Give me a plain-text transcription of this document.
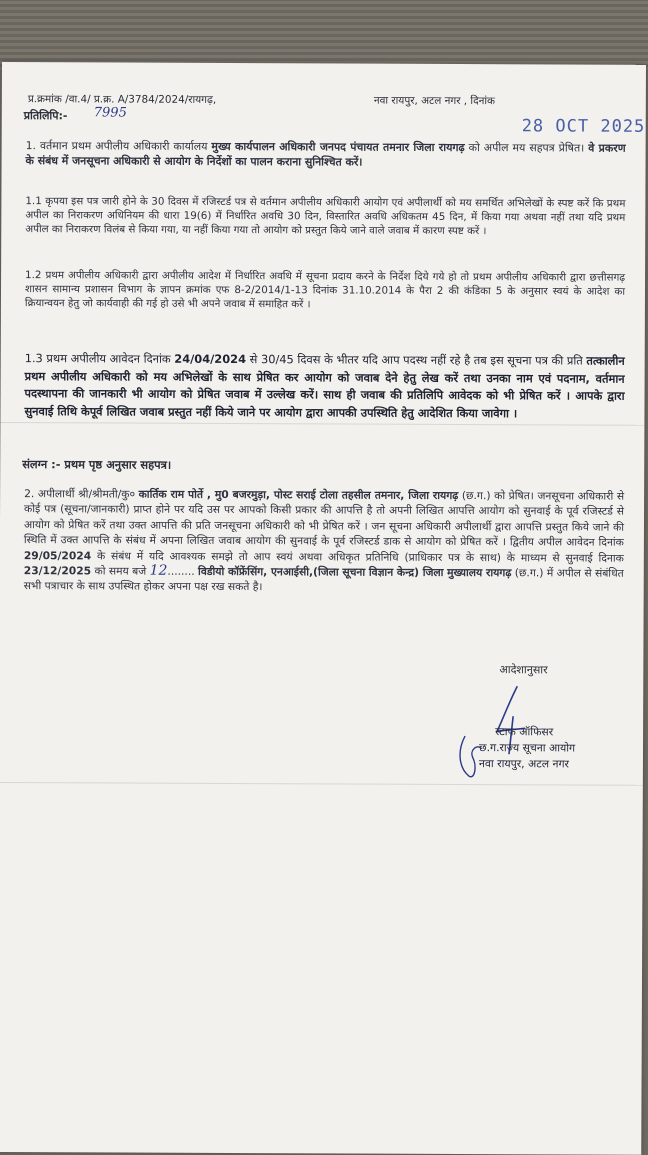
प्र.क्रमांक /वा.4/ प्र.क्र. A/3784/2024/रायगढ़,	नवा रायपुर, अटल नगर , दिनांक
28 OCT 2025
प्रतिलिपि:- 7995
1. वर्तमान प्रथम अपीलीय अधिकारी कार्यालय मुख्य कार्यपालन अधिकारी जनपद पंचायत तमनार जिला रायगढ़ को अपील मय सहपत्र प्रेषित। वे प्रकरण के संबंध में जनसूचना अधिकारी से आयोग के निर्देशों का पालन कराना सुनिश्चित करें।
1.1 कृपया इस पत्र जारी होने के 30 दिवस में रजिस्टर्ड पत्र से वर्तमान अपीलीय अधिकारी आयोग एवं अपीलार्थी को मय समर्थित अभिलेखों के स्पष्ट करें कि प्रथम अपील का निराकरण अधिनियम की धारा 19(6) में निर्धारित अवधि 30 दिन, विस्तारित अवधि अधिकतम 45 दिन, में किया गया अथवा नहीं तथा यदि प्रथम अपील का निराकरण विलंब से किया गया, या नहीं किया गया तो आयोग को प्रस्तुत किये जाने वाले जवाब में कारण स्पष्ट करें ।
1.2 प्रथम अपीलीय अधिकारी द्वारा अपीलीय आदेश में निर्धारित अवधि में सूचना प्रदाय करने के निर्देश दिये गये हो तो प्रथम अपीलीय अधिकारी द्वारा छत्तीसगढ़ शासन सामान्य प्रशासन विभाग के ज्ञापन क्रमांक एफ 8-2/2014/1-13 दिनांक 31.10.2014 के पैरा 2 की कंडिका 5 के अनुसार स्वयं के आदेश का क्रियान्वयन हेतु जो कार्यवाही की गई हो उसे भी अपने जवाब में समाहित करें ।
1.3 प्रथम अपीलीय आवेदन दिनांक 24/04/2024 से 30/45 दिवस के भीतर यदि आप पदस्थ नहीं रहे है तब इस सूचना पत्र की प्रति तत्कालीन प्रथम अपीलीय अधिकारी को मय अभिलेखों के साथ प्रेषित कर आयोग को जवाब देने हेतु लेख करें तथा उनका नाम एवं पदनाम, वर्तमान पदस्थापना की जानकारी भी आयोग को प्रेषित जवाब में उल्लेख करें। साथ ही जवाब की प्रतिलिपि आवेदक को भी प्रेषित करें । आपके द्वारा सुनवाई तिथि केपूर्व लिखित जवाब प्रस्तुत नहीं किये जाने पर आयोग द्वारा आपकी उपस्थिति हेतु आदेशित किया जावेगा ।
संलग्न :- प्रथम पृष्ठ अनुसार सहपत्र।
2. अपीलार्थी श्री/श्रीमती/कु० कार्तिक राम पोर्ते , मु0 बजरमुड़ा, पोस्ट सराई टोला तहसील तमनार, जिला रायगढ़ (छ.ग.) को प्रेषित। जनसूचना अधिकारी से कोई पत्र (सूचना/जानकारी) प्राप्त होने पर यदि उस पर आपको किसी प्रकार की आपत्ति है तो अपनी लिखित आपत्ति आयोग को सुनवाई के पूर्व रजिस्टर्ड से आयोग को प्रेषित करें तथा उक्त आपत्ति की प्रति जनसूचना अधिकारी को भी प्रेषित करें । जन सूचना अधिकारी अपीलार्थी द्वारा आपत्ति प्रस्तुत किये जाने की स्थिति में उक्त आपत्ति के संबंध में अपना लिखित जवाब आयोग की सुनवाई के पूर्व रजिस्टर्ड डाक से आयोग को प्रेषित करें । द्वितीय अपील आवेदन दिनांक 29/05/2024 के संबंध में यदि आवश्यक समझे तो आप स्वयं अथवा अधिकृत प्रतिनिधि (प्राधिकार पत्र के साथ) के माध्यम से सुनवाई दिनाक 23/12/2025 को समय बजे 12........ विडीयो कॉफ्रेंसिंग, एनआईसी,(जिला सूचना विज्ञान केन्द्र) जिला मुख्यालय रायगढ़ (छ.ग.) में अपील से संबंधित सभी पत्राचार के साथ उपस्थित होकर अपना पक्ष रख सकते है।
आदेशानुसार
स्टाफ ऑफिसर
छ.ग.राज्य सूचना आयोग
नवा रायपुर, अटल नगर
